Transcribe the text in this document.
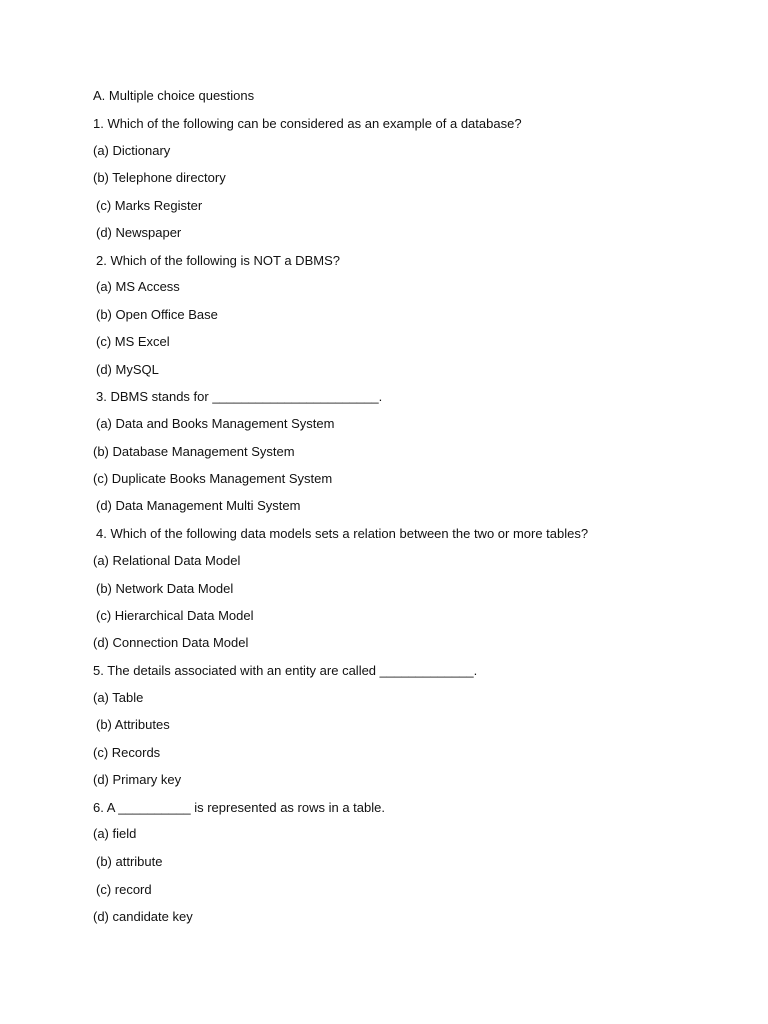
A. Multiple choice questions
1. Which of the following can be considered as an example of a database?
(a) Dictionary
(b) Telephone directory
(c) Marks Register
(d) Newspaper
2. Which of the following is NOT a DBMS?
(a) MS Access
(b) Open Office Base
(c) MS Excel
(d) MySQL
3. DBMS stands for _______________________.
(a) Data and Books Management System
(b) Database Management System
(c) Duplicate Books Management System
(d) Data Management Multi System
4. Which of the following data models sets a relation between the two or more tables?
(a) Relational Data Model
(b) Network Data Model
(c) Hierarchical Data Model
(d) Connection Data Model
5. The details associated with an entity are called _____________.
(a) Table
(b) Attributes
(c) Records
(d) Primary key
6. A __________ is represented as rows in a table.
(a) field
(b) attribute
(c) record
(d) candidate key
